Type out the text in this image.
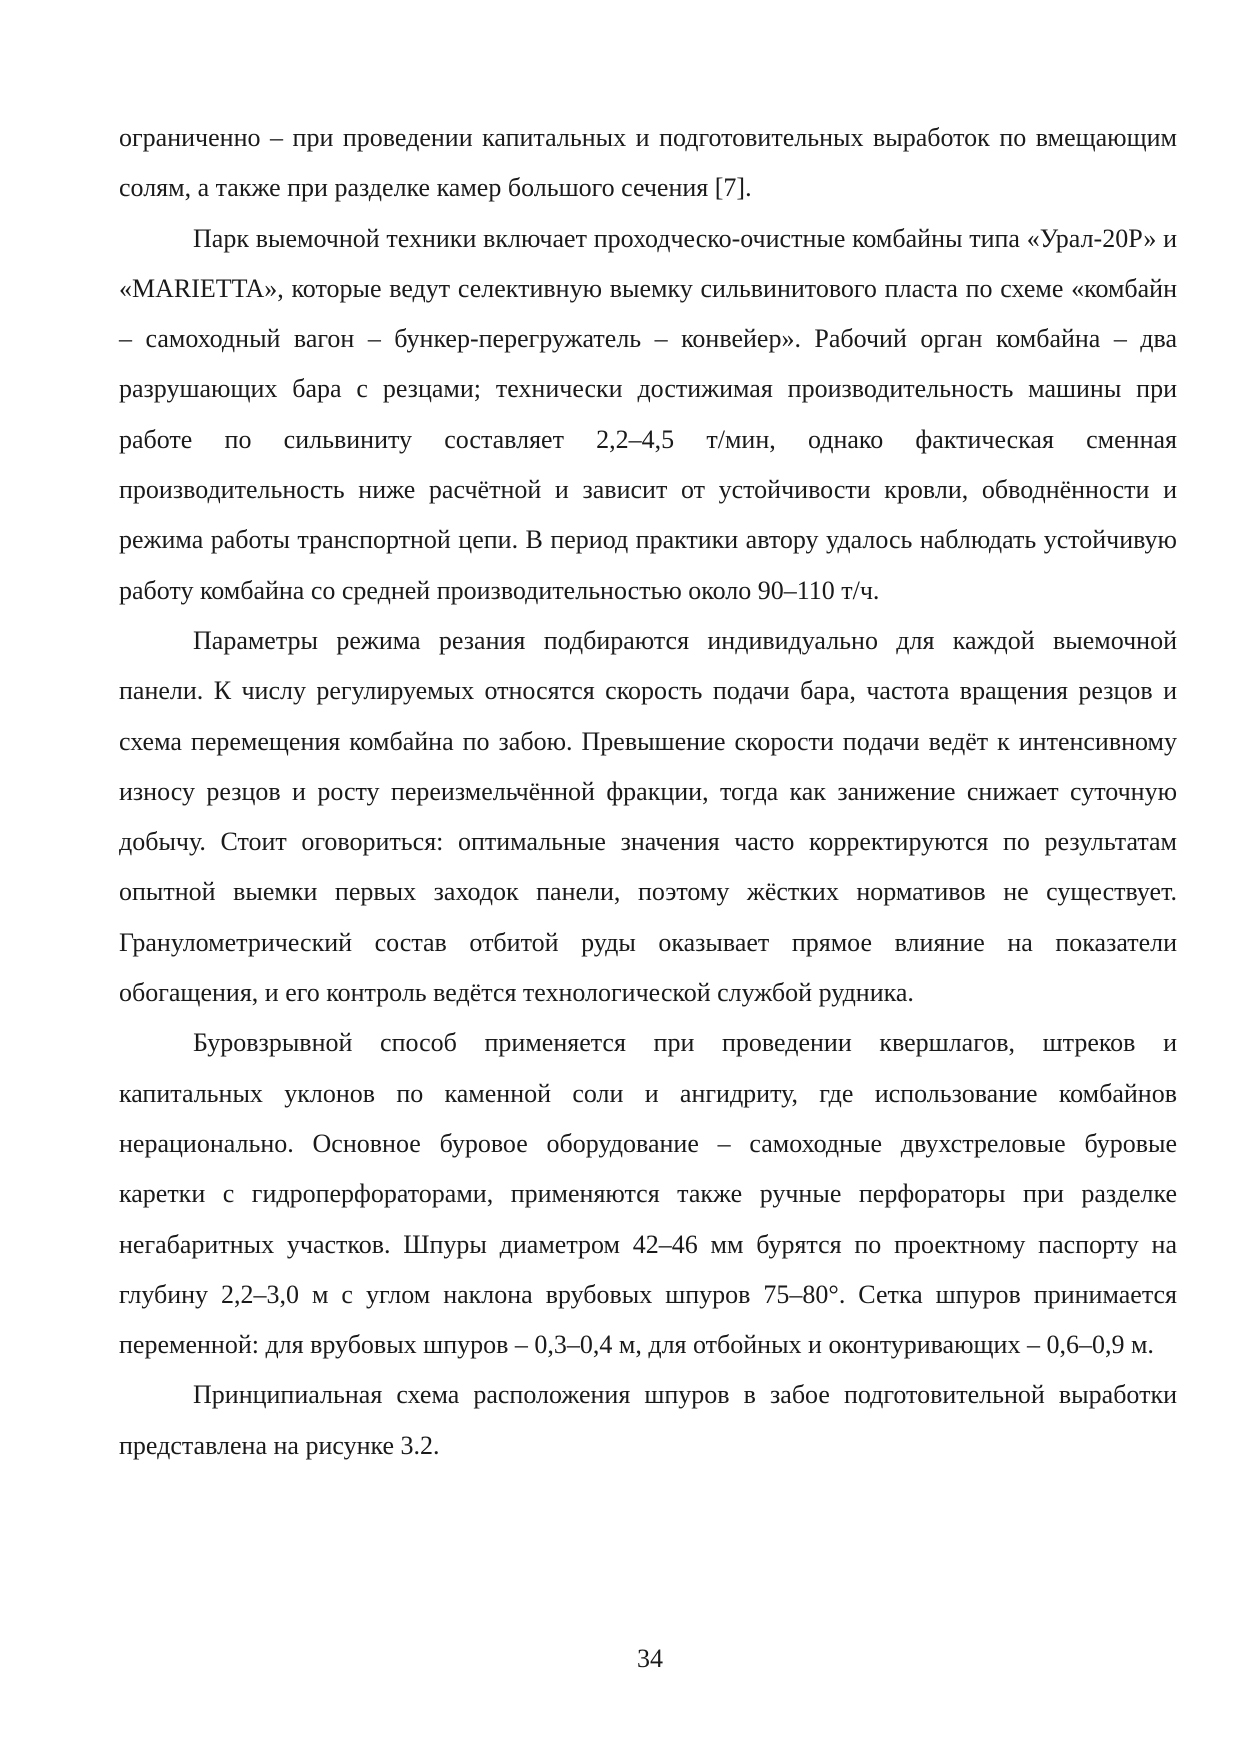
ограниченно – при проведении капитальных и подготовительных выработок по вмещающим солям, а также при разделке камер большого сечения [7].

Парк выемочной техники включает проходческо-очистные комбайны типа «Урал-20Р» и «MARIETTA», которые ведут селективную выемку сильвинитового пласта по схеме «комбайн – самоходный вагон – бункер-перегружатель – конвейер». Рабочий орган комбайна – два разрушающих бара с резцами; технически достижимая производительность машины при работе по сильвиниту составляет 2,2–4,5 т/мин, однако фактическая сменная производительность ниже расчётной и зависит от устойчивости кровли, обводнённости и режима работы транспортной цепи. В период практики автору удалось наблюдать устойчивую работу комбайна со средней производительностью около 90–110 т/ч.

Параметры режима резания подбираются индивидуально для каждой выемочной панели. К числу регулируемых относятся скорость подачи бара, частота вращения резцов и схема перемещения комбайна по забою. Превышение скорости подачи ведёт к интенсивному износу резцов и росту переизмельчённой фракции, тогда как занижение снижает суточную добычу. Стоит оговориться: оптимальные значения часто корректируются по результатам опытной выемки первых заходок панели, поэтому жёстких нормативов не существует. Гранулометрический состав отбитой руды оказывает прямое влияние на показатели обогащения, и его контроль ведётся технологической службой рудника.

Буровзрывной способ применяется при проведении квершлагов, штреков и капитальных уклонов по каменной соли и ангидриту, где использование комбайнов нерационально. Основное буровое оборудование – самоходные двухстреловые буровые каретки с гидроперфораторами, применяются также ручные перфораторы при разделке негабаритных участков. Шпуры диаметром 42–46 мм бурятся по проектному паспорту на глубину 2,2–3,0 м с углом наклона врубовых шпуров 75–80°. Сетка шпуров принимается переменной: для врубовых шпуров – 0,3–0,4 м, для отбойных и оконтуривающих – 0,6–0,9 м.

Принципиальная схема расположения шпуров в забое подготовительной выработки представлена на рисунке 3.2.

34
